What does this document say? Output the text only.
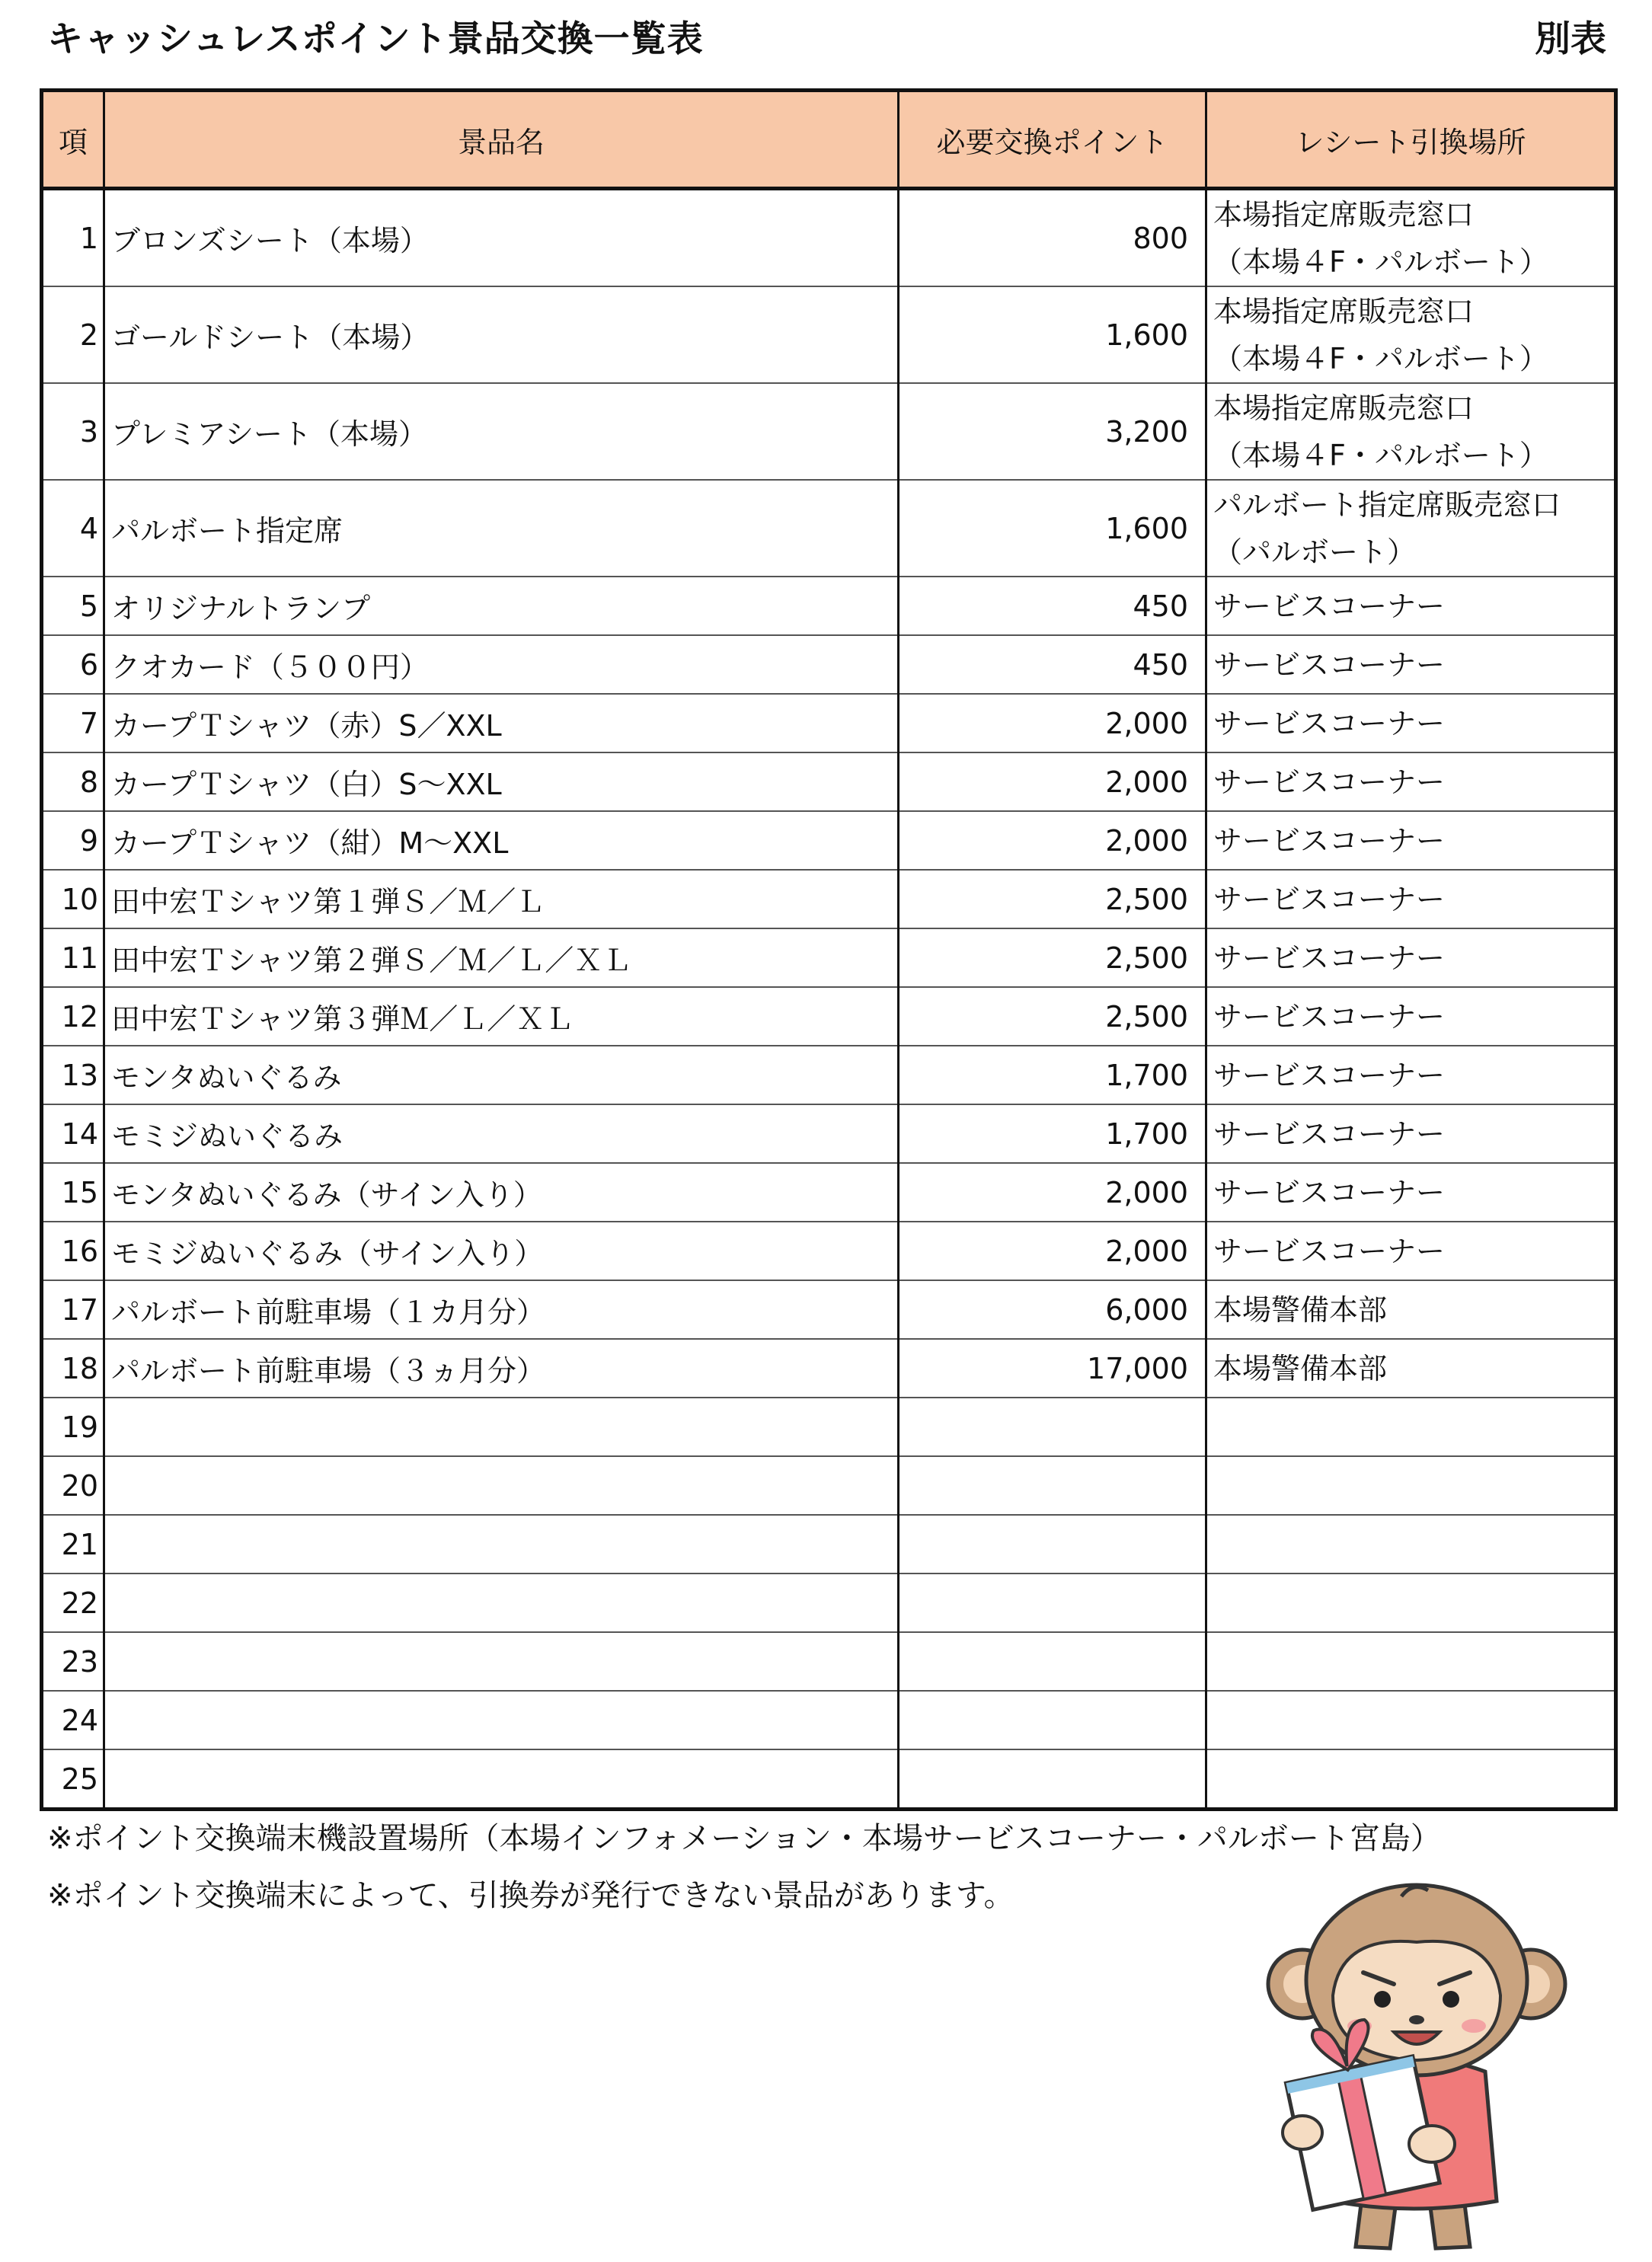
キャッシュレスポイント景品交換一覧表	別表
項	景品名	必要交換ポイント	レシート引換場所
1	ブロンズシート（本場）	800	本場指定席販売窓口
（本場４F・パルボート）

2	ゴールドシート（本場）	1,600	本場指定席販売窓口
（本場４F・パルボート）

3	プレミアシート（本場）	3,200	本場指定席販売窓口
（本場４F・パルボート）

4	パルボート指定席	1,600	パルボート指定席販売窓口
（パルボート）

5	オリジナルトランプ	450	サービスコーナー

6	クオカード（５００円）	450	サービスコーナー

7	カープＴシャツ（赤）S／XXL	2,000	サービスコーナー

8	カープＴシャツ（白）S～XXL	2,000	サービスコーナー

9	カープＴシャツ（紺）M～XXL	2,000	サービスコーナー

10	田中宏Ｔシャツ第１弾Ｓ／Ｍ／Ｌ	2,500	サービスコーナー

11	田中宏Ｔシャツ第２弾Ｓ／Ｍ／Ｌ／ＸＬ	2,500	サービスコーナー

12	田中宏Ｔシャツ第３弾Ｍ／Ｌ／ＸＬ	2,500	サービスコーナー

13	モンタぬいぐるみ	1,700	サービスコーナー

14	モミジぬいぐるみ	1,700	サービスコーナー

15	モンタぬいぐるみ（サイン入り）	2,000	サービスコーナー

16	モミジぬいぐるみ（サイン入り）	2,000	サービスコーナー

17	パルボート前駐車場（１カ月分）	6,000	本場警備本部

18	パルボート前駐車場（３ヵ月分）	17,000	本場警備本部

19			

20			

21			

22			

23			

24			

25			
※ポイント交換端末機設置場所（本場インフォメーション・本場サービスコーナー・パルボート宮島）
※ポイント交換端末によって、引換券が発行できない景品があります。
